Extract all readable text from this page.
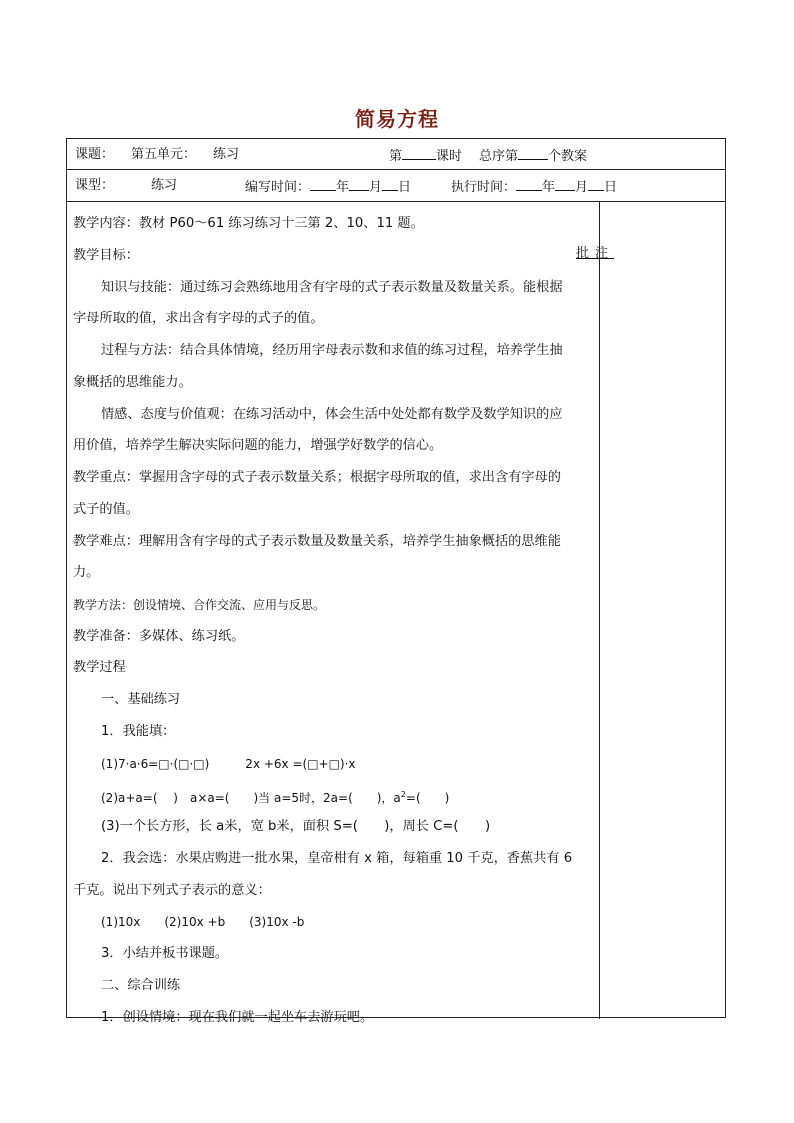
简易方程
课题： 第五单元： 练习	第	课时 总序第 个教案
课型：	练习	编写时间： 年 月 日	执行时间： 年 月 日
教学内容：教材 P60～61 练习练习十三第 2、10、11 题。
教学目标：
知识与技能：通过练习会熟练地用含有字母的式子表示数量及数量关系。能根据
字母所取的值，求出含有字母的式子的值。
过程与方法：结合具体情境，经历用字母表示数和求值的练习过程，培养学生抽
象概括的思维能力。
情感、态度与价值观：在练习活动中，体会生活中处处都有数学及数学知识的应
用价值，培养学生解决实际问题的能力，增强学好数学的信心。
教学重点：掌握用含字母的式子表示数量关系；根据字母所取的值，求出含有字母的
式子的值。
教学难点：理解用含有字母的式子表示数量及数量关系，培养学生抽象概括的思维能
力。
教学方法：创设情境、合作交流、应用与反思。
教学准备：多媒体、练习纸。
教学过程
一、基础练习
1．我能填：
(1)7·a·6=□·(□·□)　　　2x +6x =(□+□)·x
(2)a+a=(　 )　a×a=(　　)当 a=5时，2a=(　　)，$a^2=$(　　)
(3)一个长方形，长 a米，宽 b米，面积 S=(　　)，周长 C=(　　)
2．我会选：水果店购进一批水果，皇帝柑有 x 箱，每箱重 10 千克，香蕉共有 6
千克。说出下列式子表示的意义：
(1)10x　　(2)10x +b　　(3)10x -b
3．小结并板书课题。
二、综合训练
1．创设情境：现在我们就一起坐车去游玩吧。
批注
